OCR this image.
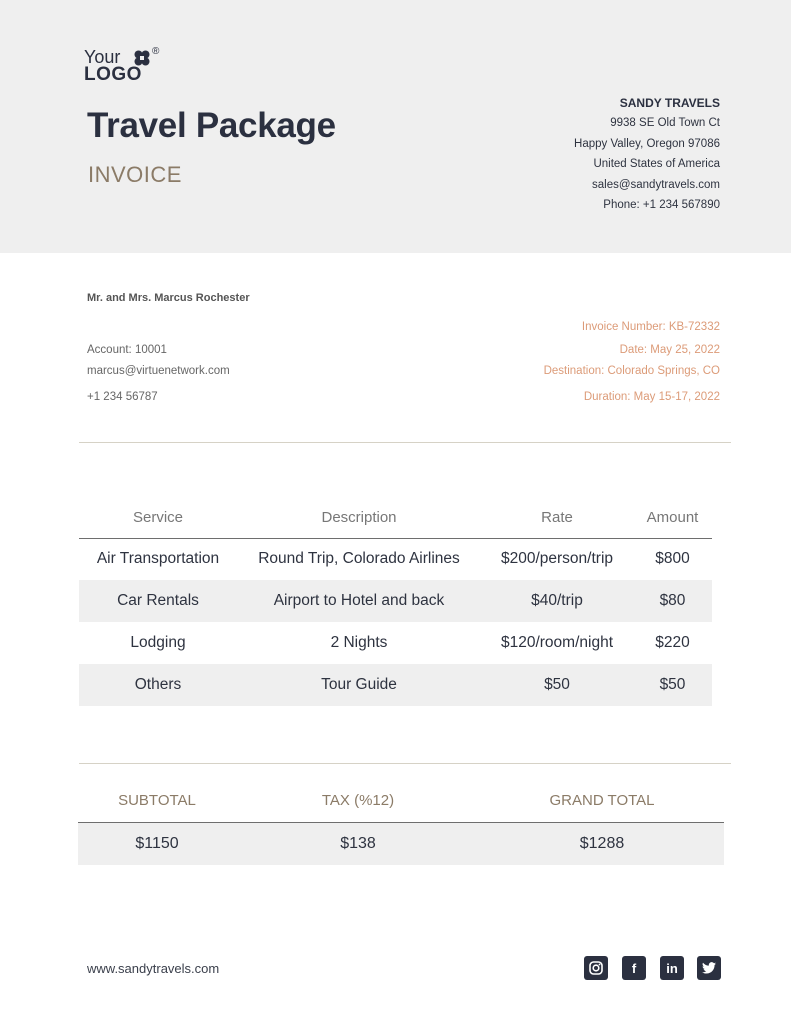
Your	®
LOGO
Travel Package
INVOICE
SANDY TRAVELS
9938 SE Old Town Ct
Happy Valley, Oregon 97086
United States of America
sales@sandytravels.com
Phone: +1 234 567890
Mr. and Mrs. Marcus Rochester
Account: 10001
marcus@virtuenetwork.com
+1 234 56787
Invoice Number: KB-72332
Date: May 25, 2022
Destination: Colorado Springs, CO
Duration: May 15-17, 2022
Service	Description	Rate	Amount
Air Transportation	Round Trip, Colorado Airlines	$200/person/trip	$800
Car Rentals	Airport to Hotel and back	$40/trip	$80
Lodging	2 Nights	$120/room/night	$220
Others	Tour Guide	$50	$50
SUBTOTAL	TAX (%12)	GRAND TOTAL
$1150	$138	$1288
www.sandytravels.com	f in
